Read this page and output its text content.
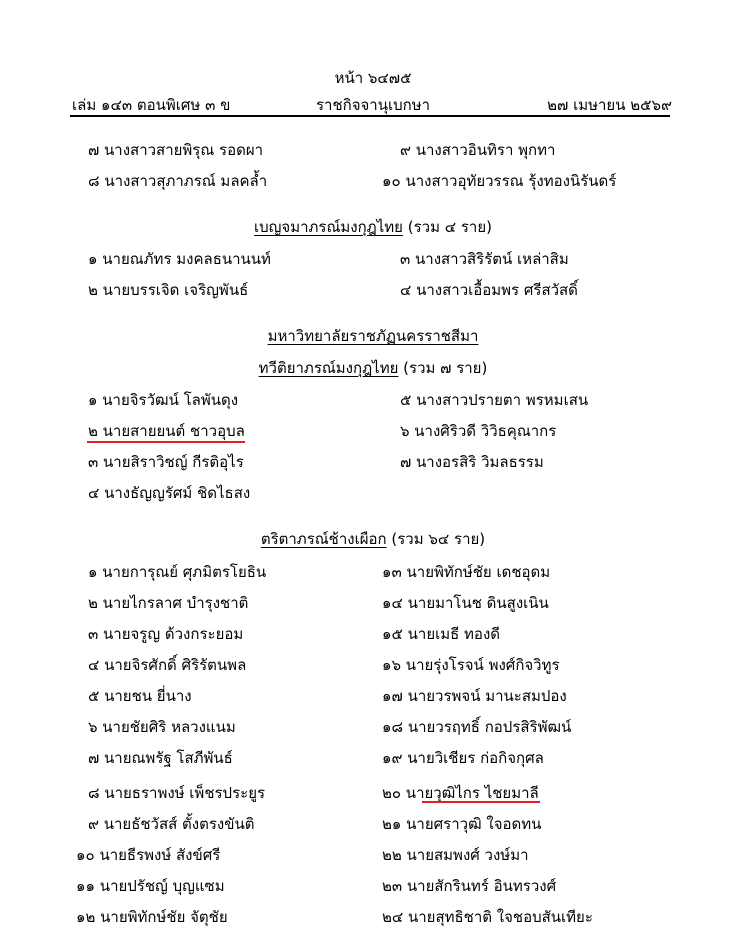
หน้า ๖๔๗๕
เล่ม ๑๔๓ ตอนพิเศษ ๓ ข	ราชกิจจานุเบกษา	๒๗ เมษายน ๒๕๖๙
๗ นางสาวสายพิรุณ รอดผา	๙ นางสาวอินทิรา พุกทา
๘ นางสาวสุภาภรณ์ มลคล้ำ	๑๐ นางสาวอุทัยวรรณ รุ้งทองนิรันดร์
เบญจมาภรณ์มงกุฎไทย (รวม ๔ ราย)
๑ นายณภัทร มงคลธนานนท์	๓ นางสาวสิริรัตน์ เหล่าสิม
๒ นายบรรเจิด เจริญพันธ์	๔ นางสาวเอื้อมพร ศรีสวัสดิ์
มหาวิทยาลัยราชภัฏนครราชสีมา
ทวีติยาภรณ์มงกุฎไทย (รวม ๗ ราย)
๑ นายจิรวัฒน์ โลพันดุง	๕ นางสาวปรายตา พรหมเสน
๒ นายสายยนต์ ชาวอุบล	๖ นางศิริวดี วิวิธคุณากร
๓ นายสิราวิชญ์ กีรติอุไร	๗ นางอรสิริ วิมลธรรม
๔ นางธัญญรัศม์ ชิดไธสง
ตริตาภรณ์ช้างเผือก (รวม ๖๔ ราย)
๑ นายการุณย์ ศุภมิตรโยธิน	๑๓ นายพิทักษ์ชัย เดชอุดม
๒ นายไกรลาศ บำรุงชาติ	๑๔ นายมาโนช ดินสูงเนิน
๓ นายจรูญ ด้วงกระยอม	๑๕ นายเมธี ทองดี
๔ นายจิรศักดิ์ ศิริรัตนพล	๑๖ นายรุ่งโรจน์ พงศ์กิจวิทูร
๕ นายชน ยี่นาง	๑๗ นายวรพจน์ มานะสมปอง
๖ นายชัยศิริ หลวงแนม	๑๘ นายวรฤทธิ์ กอปรสิริพัฒน์
๗ นายณพรัฐ โสภีพันธ์	๑๙ นายวิเชียร ก่อกิจกุศล
๘ นายธราพงษ์ เพ็ชรประยูร	๒๐ นายวุฒิไกร ไชยมาลี
๙ นายธัชวัสส์ ตั้งตรงขันติ	๒๑ นายศราวุฒิ ใจอดทน
๑๐ นายธีรพงษ์ สังข์ศรี	๒๒ นายสมพงศ์ วงษ์มา
๑๑ นายปรัชญ์ บุญแซม	๒๓ นายสักรินทร์ อินทรวงศ์
๑๒ นายพิทักษ์ชัย จัตุชัย	๒๔ นายสุทธิชาติ ใจชอบสันเทียะ
